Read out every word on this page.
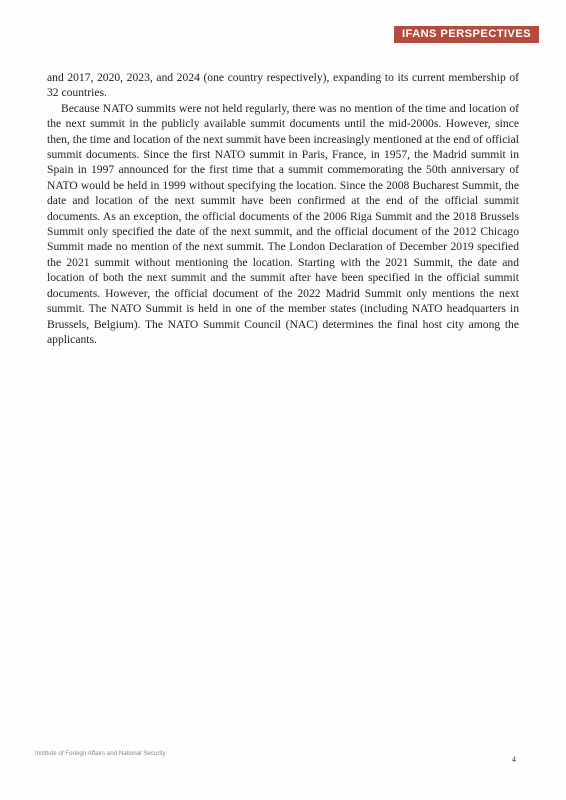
IFANS PERSPECTIVES

and 2017, 2020, 2023, and 2024 (one country respectively), expanding to its current membership of 32 countries.

Because NATO summits were not held regularly, there was no mention of the time and location of the next summit in the publicly available summit documents until the mid-2000s. However, since then, the time and location of the next summit have been increasingly mentioned at the end of official summit documents. Since the first NATO summit in Paris, France, in 1957, the Madrid summit in Spain in 1997 announced for the first time that a summit commemorating the 50th anniversary of NATO would be held in 1999 without specifying the location. Since the 2008 Bucharest Summit, the date and location of the next summit have been confirmed at the end of the official summit documents. As an exception, the official documents of the 2006 Riga Summit and the 2018 Brussels Summit only specified the date of the next summit, and the official document of the 2012 Chicago Summit made no mention of the next summit. The London Declaration of December 2019 specified the 2021 summit without mentioning the location. Starting with the 2021 Summit, the date and location of both the next summit and the summit after have been specified in the official summit documents. However, the official document of the 2022 Madrid Summit only mentions the next summit. The NATO Summit is held in one of the member states (including NATO headquarters in Brussels, Belgium). The NATO Summit Council (NAC) determines the final host city among the applicants.

Institute of Foreign Affairs and National Security
4
